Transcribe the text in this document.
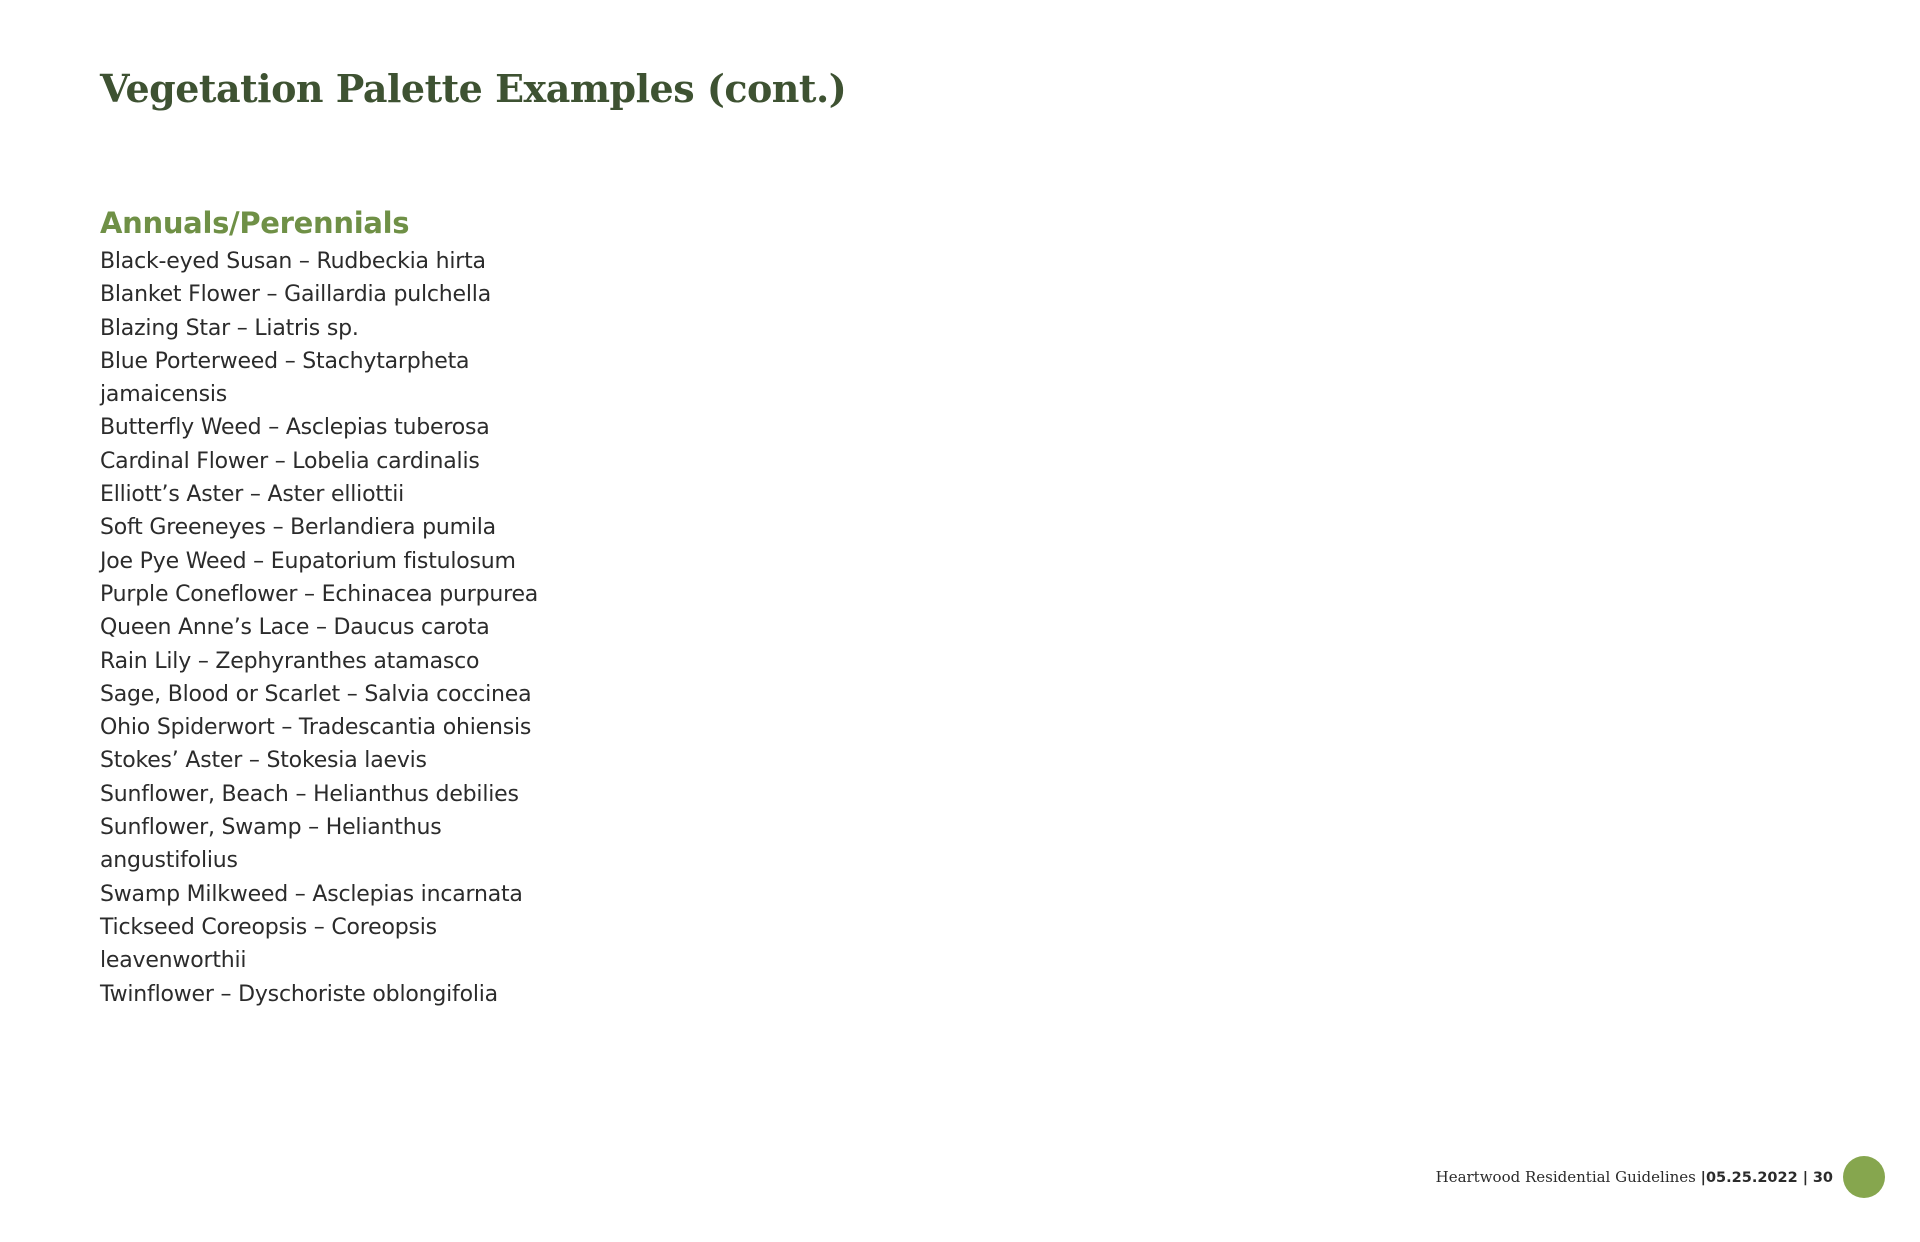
Vegetation Palette Examples (cont.)
Annuals/Perennials
Black-eyed Susan – Rudbeckia hirta
Blanket Flower – Gaillardia pulchella
Blazing Star – Liatris sp.
Blue Porterweed – Stachytarpheta jamaicensis
Butterfly Weed – Asclepias tuberosa
Cardinal Flower – Lobelia cardinalis
Elliott’s Aster – Aster elliottii
Soft Greeneyes – Berlandiera pumila
Joe Pye Weed – Eupatorium fistulosum
Purple Coneflower – Echinacea purpurea
Queen Anne’s Lace – Daucus carota
Rain Lily – Zephyranthes atamasco
Sage, Blood or Scarlet – Salvia coccinea
Ohio Spiderwort – Tradescantia ohiensis
Stokes’ Aster – Stokesia laevis
Sunflower, Beach – Helianthus debilies
Sunflower, Swamp – Helianthus angustifolius
Swamp Milkweed – Asclepias incarnata
Tickseed Coreopsis – Coreopsis leavenworthii
Twinflower – Dyschoriste oblongifolia
Heartwood Residential Guidelines |05.25.2022 | 30
